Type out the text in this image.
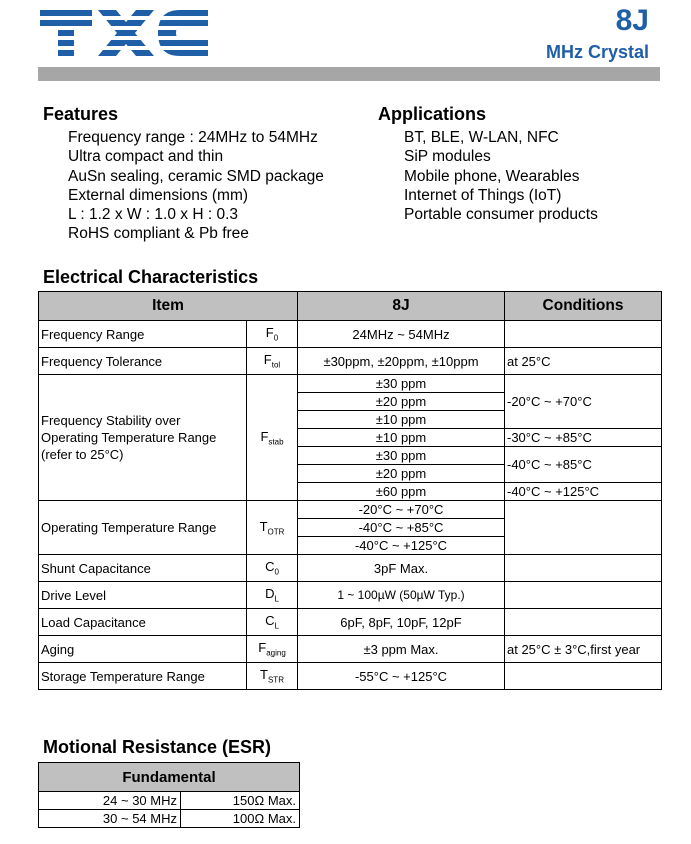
8J
MHz Crystal
Features
Frequency range : 24MHz to 54MHz
Ultra compact and thin
AuSn sealing, ceramic SMD package
External dimensions (mm)
L : 1.2 x W : 1.0 x H : 0.3
RoHS compliant & Pb free
Applications
BT, BLE, W-LAN, NFC
SiP modules
Mobile phone, Wearables
Internet of Things (IoT)
Portable consumer products
Electrical Characteristics
Item		8J	Conditions
Frequency Range	$F_0$	24MHz ~ 54MHz	
Frequency Tolerance	$F_{tol}$	±30ppm, ±20ppm, ±10ppm	at 25°C

Frequency Stability over
Operating Temperature Range
(refer to 25°C)	$F_{stab}$	±30 ppm	-20°C ~ +70°C
		±20 ppm	
		±10 ppm	
		±10 ppm	-30°C ~ +85°C
		±30 ppm	-40°C ~ +85°C
		±20 ppm	
		±60 ppm	-40°C ~ +125°C
Operating Temperature Range	$T_{OTR}$	-20°C ~ +70°C	
		-40°C ~ +85°C	
		-40°C ~ +125°C	
Shunt Capacitance	$C_0$	3pF Max.	
Drive Level	$D_L$	1 ~ 100µW (50µW Typ.)	
Load Capacitance	$C_L$	6pF, 8pF, 10pF, 12pF	
Aging	$F_{aging}$	±3 ppm Max.	at 25°C ± 3°C,first year
Storage Temperature Range	$T_{STR}$	-55°C ~ +125°C	
Motional Resistance (ESR)
Fundamental	
24 ~ 30 MHz	150Ω Max.
30 ~ 54 MHz	100Ω Max.
